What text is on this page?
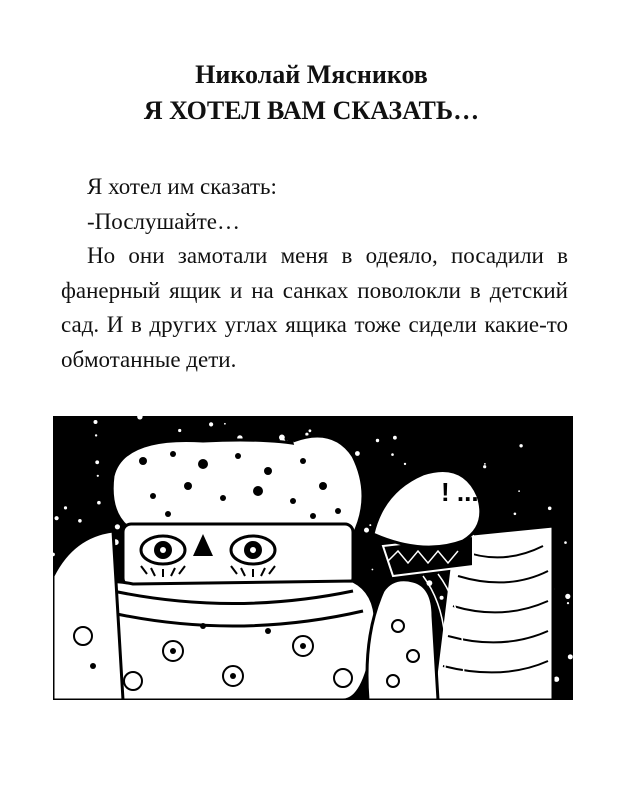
Николай Мясников
Я ХОТЕЛ ВАМ СКАЗАТЬ…

Я хотел им сказать:

-Послушайте…

Но они замотали меня в одеяло, посадили в фанерный ящик и на санках поволокли в детский сад. И в других углах ящика тоже сидели какие-то обмотанные дети.

! ....
